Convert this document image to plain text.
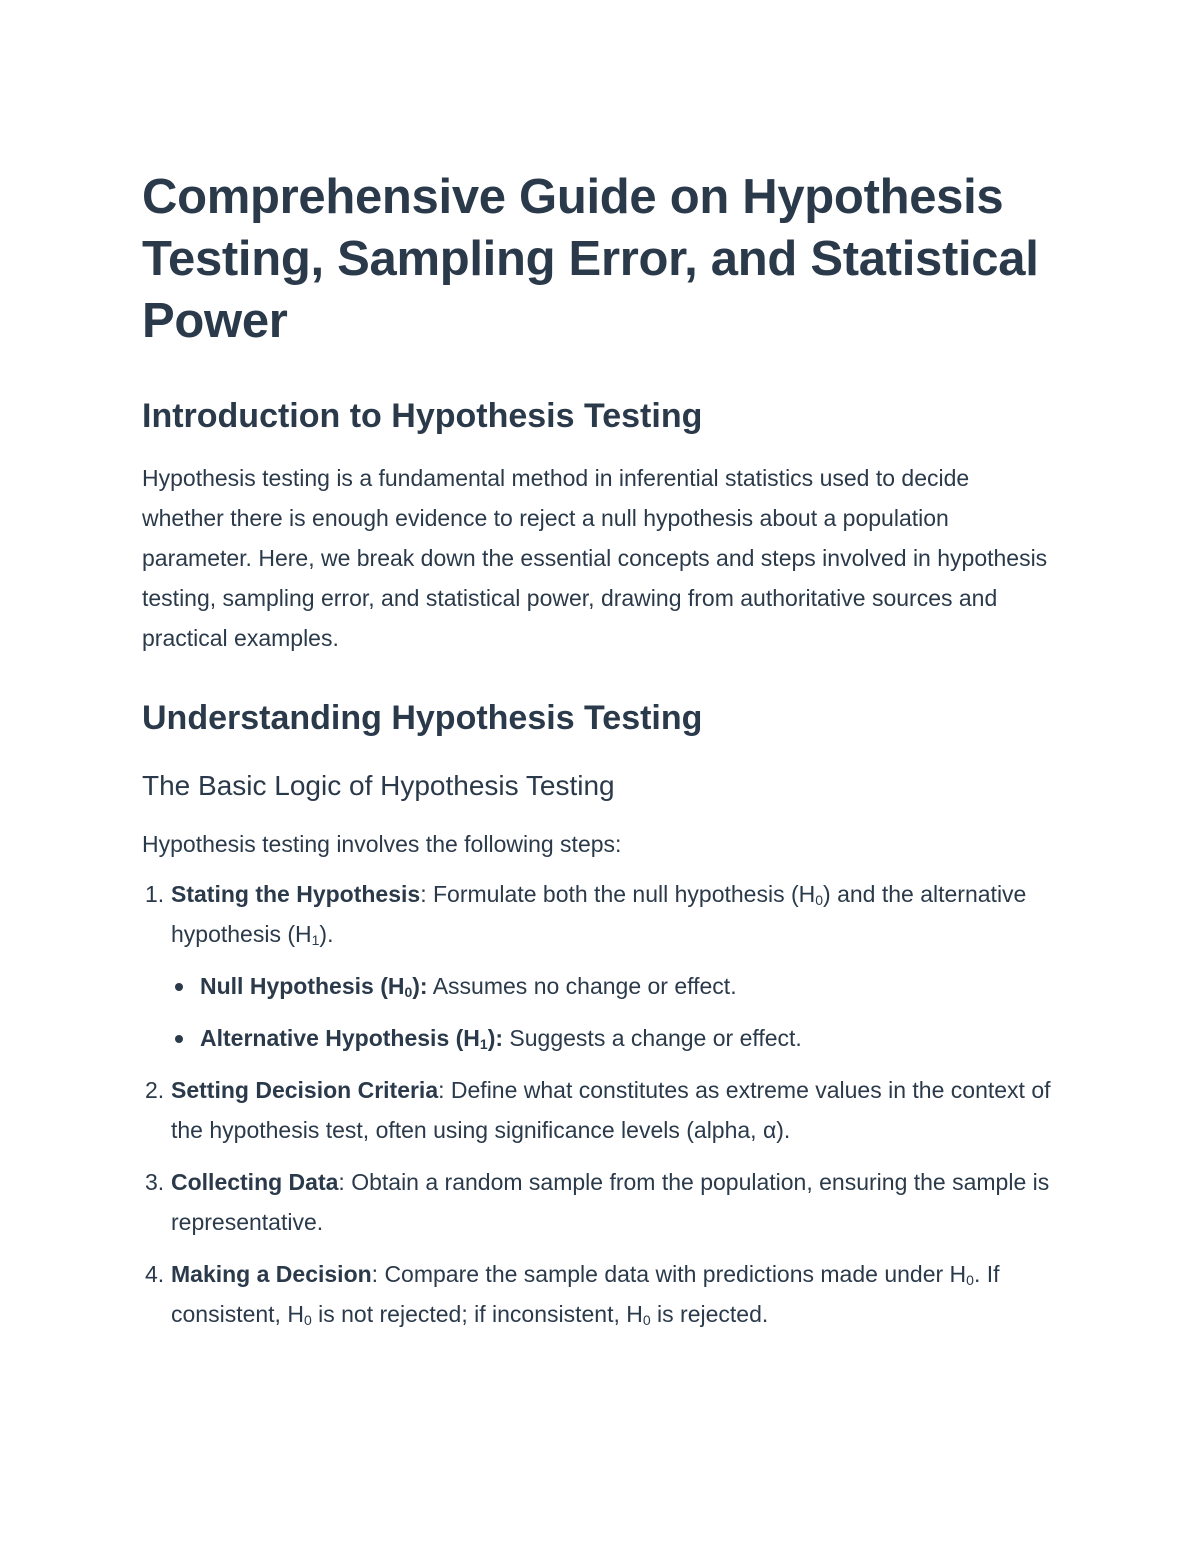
Comprehensive Guide on Hypothesis Testing, Sampling Error, and Statistical Power
Introduction to Hypothesis Testing

Hypothesis testing is a fundamental method in inferential statistics used to decide whether there is enough evidence to reject a null hypothesis about a population parameter. Here, we break down the essential concepts and steps involved in hypothesis testing, sampling error, and statistical power, drawing from authoritative sources and practical examples.

Understanding Hypothesis Testing
The Basic Logic of Hypothesis Testing

Hypothesis testing involves the following steps:

1. Stating the Hypothesis: Formulate both the null hypothesis $(H_0)$ and the alternative hypothesis $(H_1)$.
Null Hypothesis $(H_0)$: Assumes no change or effect.
Alternative Hypothesis $(H_1)$: Suggests a change or effect.
2. Setting Decision Criteria: Define what constitutes as extreme values in the context of the hypothesis test, often using significance levels (alpha, α).
3. Collecting Data: Obtain a random sample from the population, ensuring the sample is representative.
4. Making a Decision: Compare the sample data with predictions made under $H_0$. If consistent, $H_0$ is not rejected; if inconsistent, $H_0$ is rejected.
